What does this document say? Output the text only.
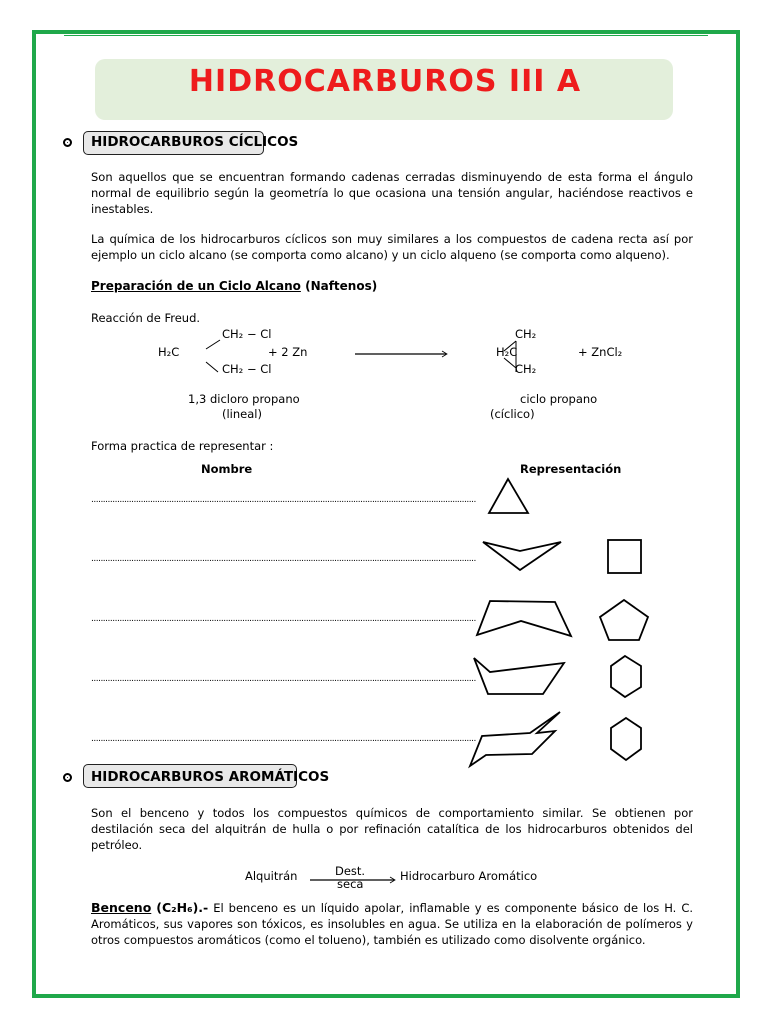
HIDROCARBUROS III A
HIDROCARBUROS CÍCLICOS
Son aquellos que se encuentran formando cadenas cerradas disminuyendo de esta forma el ángulo normal de equilibrio según la geometría lo que ocasiona una tensión angular, haciéndose reactivos e inestables.
La química de los hidrocarburos cíclicos son muy similares a los compuestos de cadena recta así por ejemplo un ciclo alcano (se comporta como alcano) y un ciclo alqueno (se comporta como alqueno).
Preparación de un Ciclo Alcano (Naftenos)
Reacción de Freud.
CH₂ − Cl
H₂C
CH₂ − Cl
+ 2 Zn
CH₂
H₂C
CH₂
+ ZnCl₂
1,3 dicloro propano
(lineal)
ciclo propano
(cíclico)
Forma practica de representar :
Nombre	Representación
...................................................................................................................................................................
...................................................................................................................................................................
...................................................................................................................................................................
...................................................................................................................................................................
...................................................................................................................................................................
HIDROCARBUROS AROMÁTICOS
Son el benceno y todos los compuestos químicos de comportamiento similar. Se obtienen por destilación seca del alquitrán de hulla o por refinación catalítica de los hidrocarburos obtenidos del petróleo.
Alquitrán	Dest.
seca
Hidrocarburo Aromático
Benceno (C₂H₆).- El benceno es un líquido apolar, inflamable y es componente básico de los H. C. Aromáticos, sus vapores son tóxicos, es insolubles en agua. Se utiliza en la elaboración de polímeros y otros compuestos aromáticos (como el tolueno), también es utilizado como disolvente orgánico.
